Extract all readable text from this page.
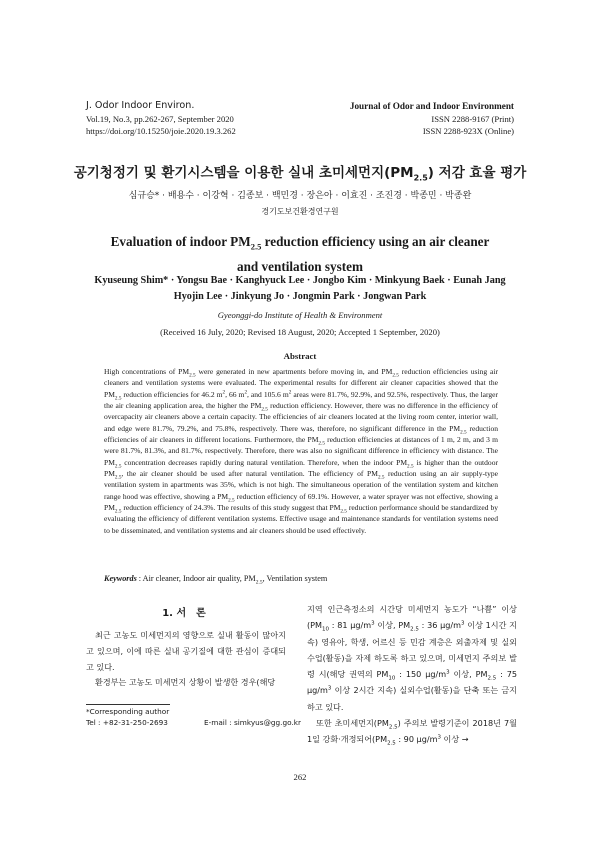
J. Odor Indoor Environ.
Vol.19, No.3, pp.262-267, September 2020
https://doi.org/10.15250/joie.2020.19.3.262
Journal of Odor and Indoor Environment
ISSN 2288-9167 (Print)
ISSN 2288-923X (Online)
공기청정기 및 환기시스템을 이용한 실내 초미세먼지$(PM_{2.5})$ 저감 효율 평가
심규승* · 배용수 · 이강혁 · 김종보 · 백민경 · 장은아 · 이효진 · 조진경 · 박종민 · 박종완
경기도보건환경연구원
Evaluation of indoor $PM_{2.5}$ reduction efficiency using an air cleaner
and ventilation system
Kyuseung Shim* · Yongsu Bae · Kanghyuck Lee · Jongbo Kim · Minkyung Baek · Eunah Jang
Hyojin Lee · Jinkyung Jo · Jongmin Park · Jongwan Park
Gyeonggi-do Institute of Health & Environment
(Received 16 July, 2020; Revised 18 August, 2020; Accepted 1 September, 2020)
Abstract
High concentrations of $PM_{2.5}$ were generated in new apartments before moving in, and $PM_{2.5}$ reduction efficiencies using air cleaners and ventilation systems were evaluated. The experimental results for different air cleaner capacities showed that the $PM_{2.5}$ reduction efficiencies for 46.2 $m^2$, 66 $m^2$, and 105.6 $m^2$ areas were 81.7%, 92.9%, and 92.5%, respectively. Thus, the larger the air cleaning application area, the higher the $PM_{2.5}$ reduction efficiency. However, there was no difference in the efficiency of overcapacity air cleaners above a certain capacity. The efficiencies of air cleaners located at the living room center, interior wall, and edge were 81.7%, 79.2%, and 75.8%, respectively. There was, therefore, no significant difference in the $PM_{2.5}$ reduction efficiencies of air cleaners in different locations. Furthermore, the $PM_{2.5}$ reduction efficiencies at distances of 1 m, 2 m, and 3 m were 81.7%, 81.3%, and 81.7%, respectively. Therefore, there was also no significant difference in efficiency with distance. The $PM_{2.5}$ concentration decreases rapidly during natural ventilation. Therefore, when the indoor $PM_{2.5}$ is higher than the outdoor $PM_{2.5}$, the air cleaner should be used after natural ventilation. The efficiency of $PM_{2.5}$ reduction using an air supply-type ventilation system in apartments was 35%, which is not high. The simultaneous operation of the ventilation system and kitchen range hood was effective, showing a $PM_{2.5}$ reduction efficiency of 69.1%. However, a water sprayer was not effective, showing a $PM_{2.5}$ reduction efficiency of 24.3%. The results of this study suggest that $PM_{2.5}$ reduction performance should be standardized by evaluating the efficiency of different ventilation systems. Effective usage and maintenance standards for ventilation systems need to be disseminated, and ventilation systems and air cleaners should be used effectively.
Keywords : Air cleaner, Indoor air quality, $PM_{2.5}$, Ventilation system
1. 서　론

최근 고농도 미세먼지의 영향으로 실내 활동이 많아지고 있으며, 이에 따른 실내 공기질에 대한 관심이 증대되고 있다.

환경부는 고농도 미세먼지 상황이 발생한 경우(해당

지역 인근측정소의 시간당 미세먼지 농도가 “나쁨” 이상($PM_{10}$ : 81 $\mu g/m^3$ 이상, $PM_{2.5}$ : 36 $\mu g/m^3$ 이상 1시간 지속) 영유아, 학생, 어르신 등 민감 계층은 외출자제 및 실외수업(활동)을 자제 하도록 하고 있으며, 미세먼지 주의보 발령 시(해당 권역의 $PM_{10}$ : 150 $\mu g/m^3$ 이상, $PM_{2.5}$ : 75 $\mu g/m^3$ 이상 2시간 지속) 실외수업(활동)을 단축 또는 금지 하고 있다.

또한 초미세먼지$(PM_{2.5})$ 주의보 발령기준이 2018년 7월 1일 강화·개정되어($PM_{2.5}$ : 90 $\mu g/m^3$ 이상 →

*Corresponding author
Tel : +82-31-250-2693	E-mail : simkyus@gg.go.kr
262
